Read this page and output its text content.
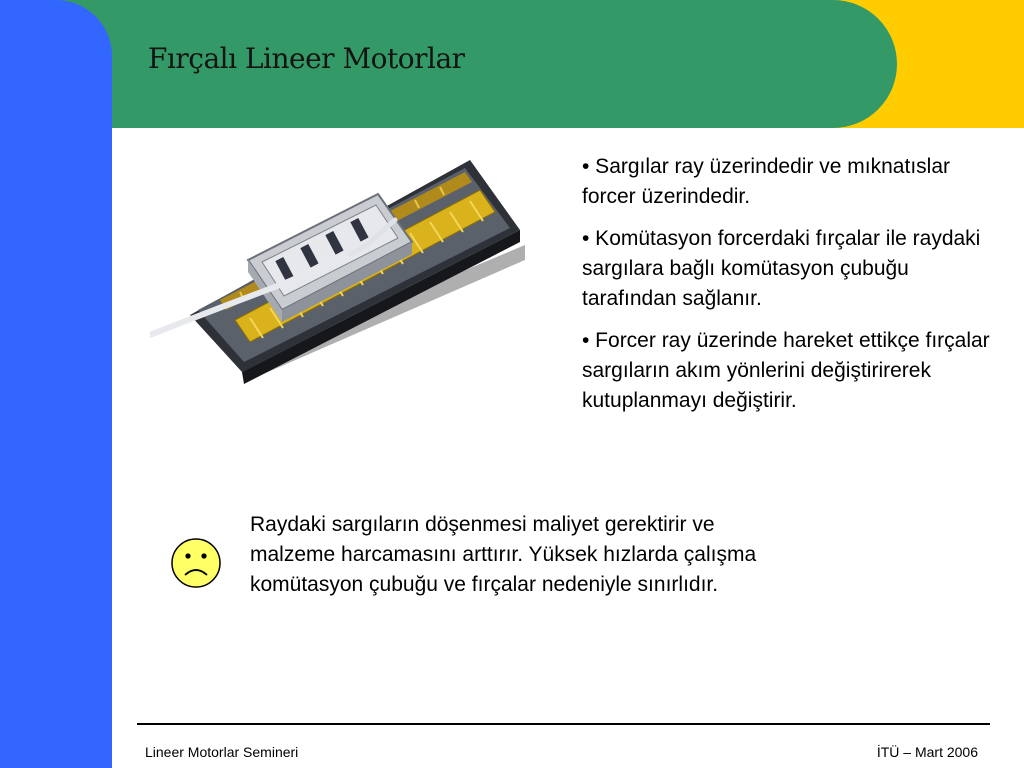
Fırçalı Lineer Motorlar

• Sargılar ray üzerindedir ve mıknatıslar forcer üzerindedir.

• Komütasyon forcerdaki fırçalar ile raydaki sargılara bağlı komütasyon çubuğu tarafından sağlanır.

• Forcer ray üzerinde hareket ettikçe fırçalar sargıların akım yönlerini değiştirirerek kutuplanmayı değiştirir.

Raydaki sargıların döşenmesi maliyet gerektirir ve malzeme harcamasını arttırır. Yüksek hızlarda çalışma komütasyon çubuğu ve fırçalar nedeniyle sınırlıdır.
Lineer Motorlar Semineri	İTÜ – Mart 2006
